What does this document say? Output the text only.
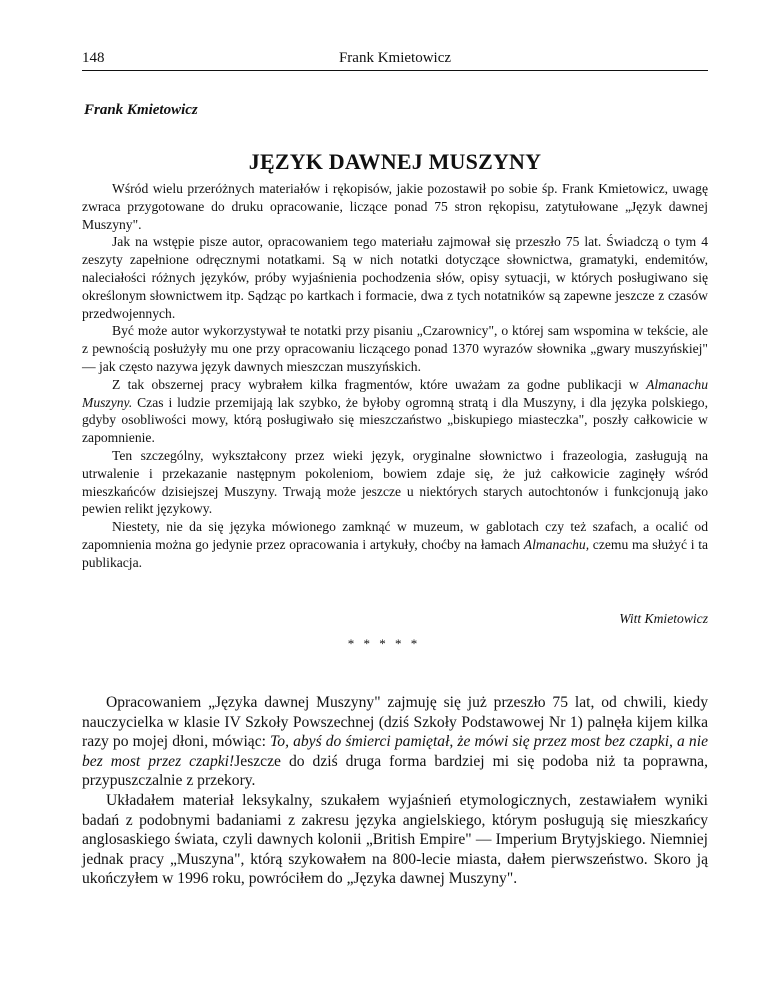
148	Frank Kmietowicz
Frank Kmietowicz
JĘZYK DAWNEJ MUSZYNY

Wśród wielu przeróżnych materiałów i rękopisów, jakie pozostawił po sobie śp. Frank Kmietowicz, uwagę zwraca przygotowane do druku opracowanie, liczące ponad 75 stron rękopisu, zatytułowane „Język dawnej Muszyny".

Jak na wstępie pisze autor, opracowaniem tego materiału zajmował się przeszło 75 lat. Świadczą o tym 4 zeszyty zapełnione odręcznymi notatkami. Są w nich notatki dotyczące słownictwa, gramatyki, endemitów, naleciałości różnych języków, próby wyjaśnienia pochodzenia słów, opisy sytuacji, w których posługiwano się określonym słownictwem itp. Sądząc po kartkach i formacie, dwa z tych notatników są zapewne jeszcze z czasów przedwojennych.

Być może autor wykorzystywał te notatki przy pisaniu „Czarownicy", o której sam wspomina w tekście, ale z pewnością posłużyły mu one przy opracowaniu liczącego ponad 1370 wyrazów słownika „gwary muszyńskiej" — jak często nazywa język dawnych mieszczan muszyńskich.

Z tak obszernej pracy wybrałem kilka fragmentów, które uważam za godne publikacji w Almanachu Muszyny. Czas i ludzie przemijają lak szybko, że byłoby ogromną stratą i dla Muszyny, i dla języka polskiego, gdyby osobliwości mowy, którą posługiwało się mieszczaństwo „biskupiego miasteczka", poszły całkowicie w zapomnienie.

Ten szczególny, wykształcony przez wieki język, oryginalne słownictwo i frazeologia, zasługują na utrwalenie i przekazanie następnym pokoleniom, bowiem zdaje się, że już całkowicie zaginęły wśród mieszkańców dzisiejszej Muszyny. Trwają może jeszcze u niektórych starych autochtonów i funkcjonują jako pewien relikt językowy.

Niestety, nie da się języka mówionego zamknąć w muzeum, w gablotach czy też szafach, a ocalić od zapomnienia można go jedynie przez opracowania i artykuły, choćby na łamach Almanachu, czemu ma służyć i ta publikacja.

Witt Kmietowicz
* * * * *

Opracowaniem „Języka dawnej Muszyny" zajmuję się już przeszło 75 lat, od chwili, kiedy nauczycielka w klasie IV Szkoły Powszechnej (dziś Szkoły Podstawowej Nr 1) palnęła kijem kilka razy po mojej dłoni, mówiąc: To, abyś do śmierci pamiętał, że mówi się przez most bez czapki, a nie bez most przez czapki!Jeszcze do dziś druga forma bardziej mi się podoba niż ta poprawna, przypuszczalnie z przekory.

Układałem materiał leksykalny, szukałem wyjaśnień etymologicznych, zestawiałem wyniki badań z podobnymi badaniami z zakresu języka angielskiego, którym posługują się mieszkańcy anglosaskiego świata, czyli dawnych kolonii „British Empire" — Imperium Brytyjskiego. Niemniej jednak pracy „Muszyna", którą szykowałem na 800-lecie miasta, dałem pierwszeństwo. Skoro ją ukończyłem w 1996 roku, powróciłem do „Języka dawnej Muszyny".
